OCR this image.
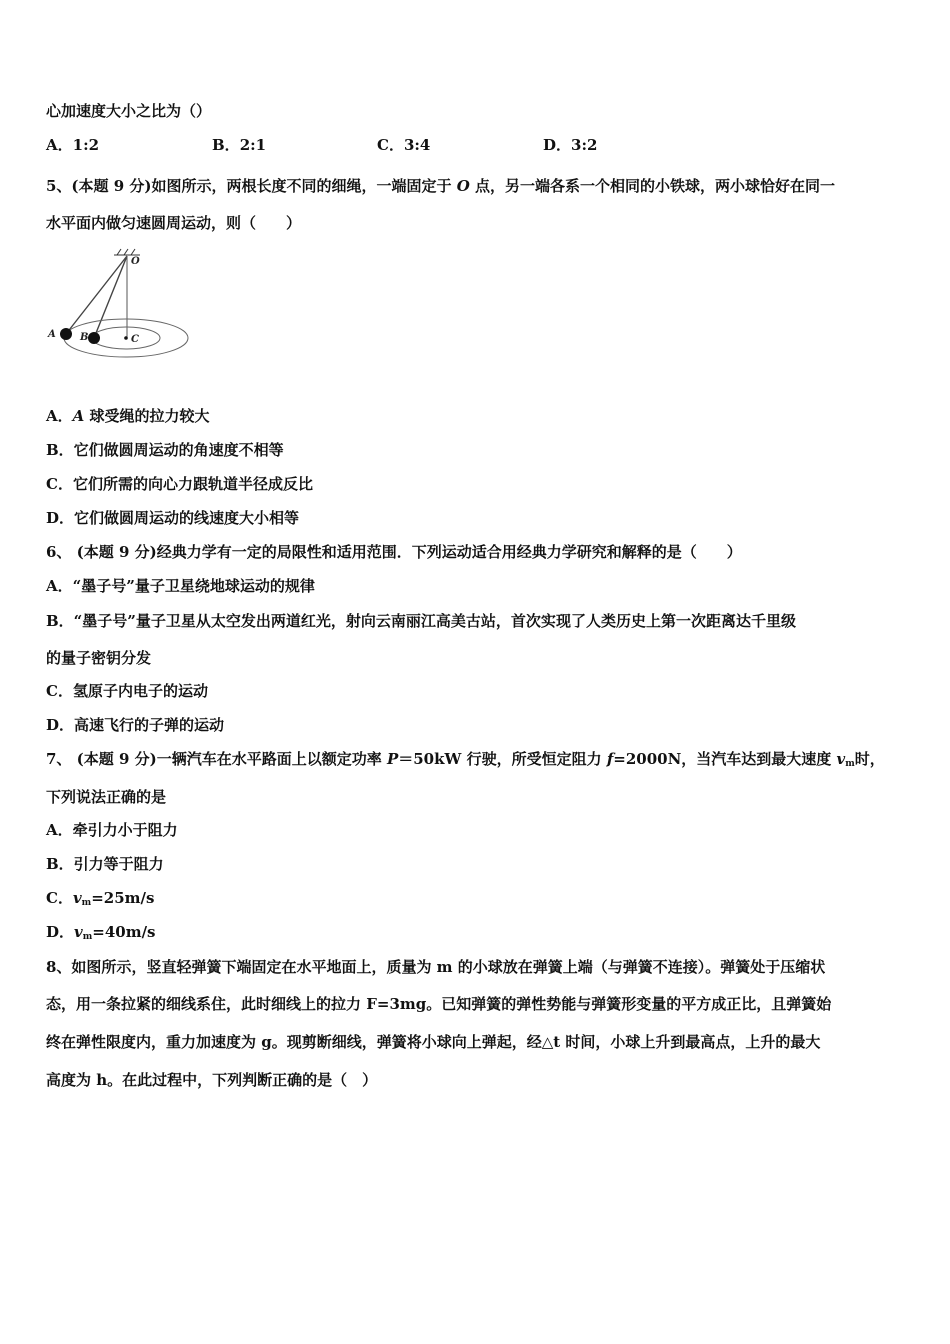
心加速度大小之比为（）
A．1:2	B．2:1	C．3:4	D．3:2
5、(本题 9 分)如图所示，两根长度不同的细绳，一端固定于 O 点，另一端各系一个相同的小铁球，两小球恰好在同一
水平面内做匀速圆周运动，则（　　）
O
A B	C
A．A 球受绳的拉力较大
B．它们做圆周运动的角速度不相等
C．它们所需的向心力跟轨道半径成反比
D．它们做圆周运动的线速度大小相等
6、 (本题 9 分)经典力学有一定的局限性和适用范围．下列运动适合用经典力学研究和解释的是（　　）
A．“墨子号”量子卫星绕地球运动的规律
B．“墨子号”量子卫星从太空发出两道红光，射向云南丽江高美古站，首次实现了人类历史上第一次距离达千里级
的量子密钥分发
C．氢原子内电子的运动
D．高速飞行的子弹的运动
7、 (本题 9 分)一辆汽车在水平路面上以额定功率 P＝50kW 行驶，所受恒定阻力 f=2000N，当汽车达到最大速度 $v_m$时，
下列说法正确的是
A．牵引力小于阻力
B．引力等于阻力
C．$v_m=25m/s$
D．$v_m=40m/s$
8、如图所示，竖直轻弹簧下端固定在水平地面上，质量为 m 的小球放在弹簧上端（与弹簧不连接）。弹簧处于压缩状
态，用一条拉紧的细线系住，此时细线上的拉力 F=3mg。已知弹簧的弹性势能与弹簧形变量的平方成正比，且弹簧始
终在弹性限度内，重力加速度为 g。现剪断细线，弹簧将小球向上弹起，经△t 时间，小球上升到最高点，上升的最大
高度为 h。在此过程中，下列判断正确的是（　）
